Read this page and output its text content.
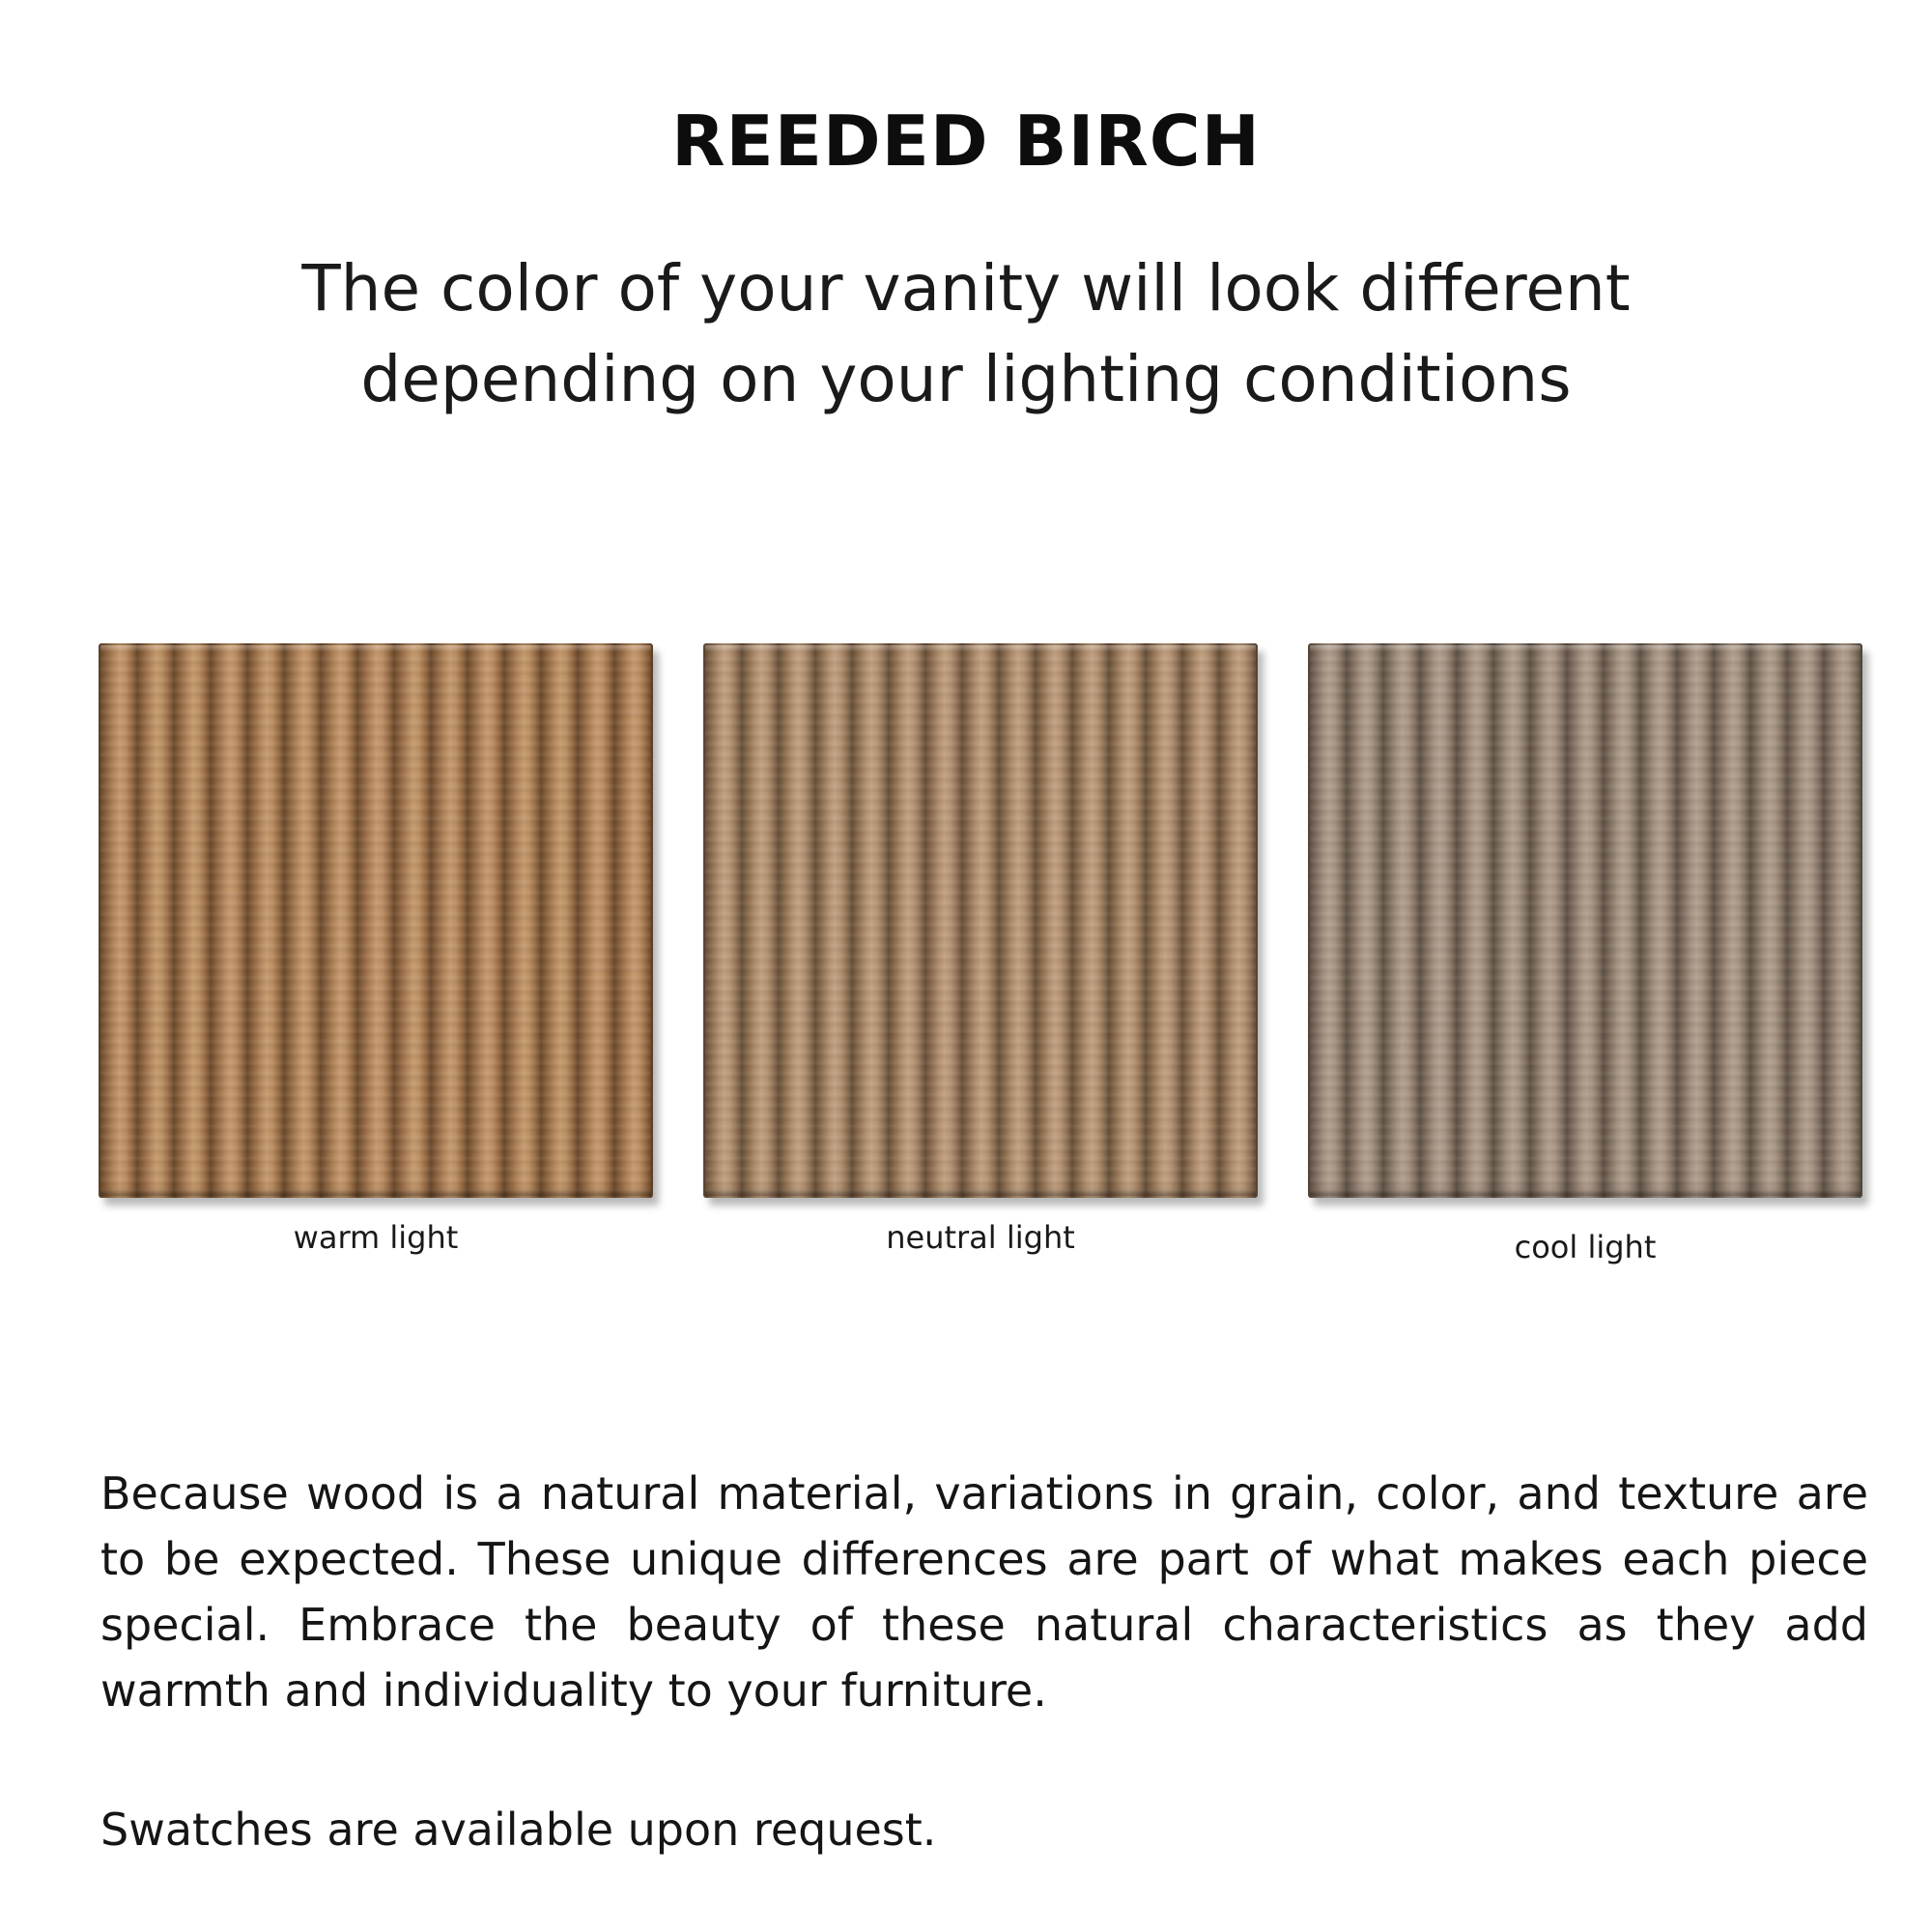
REEDED BIRCH
The color of your vanity will look different
depending on your lighting conditions
warm light	neutral light	cool light
Because wood is a natural material, variations in grain, color, and texture are to be expected. These unique differences are part of what makes each piece special. Embrace the beauty of these natural characteristics as they add warmth and individuality to your furniture.
Swatches are available upon request.
